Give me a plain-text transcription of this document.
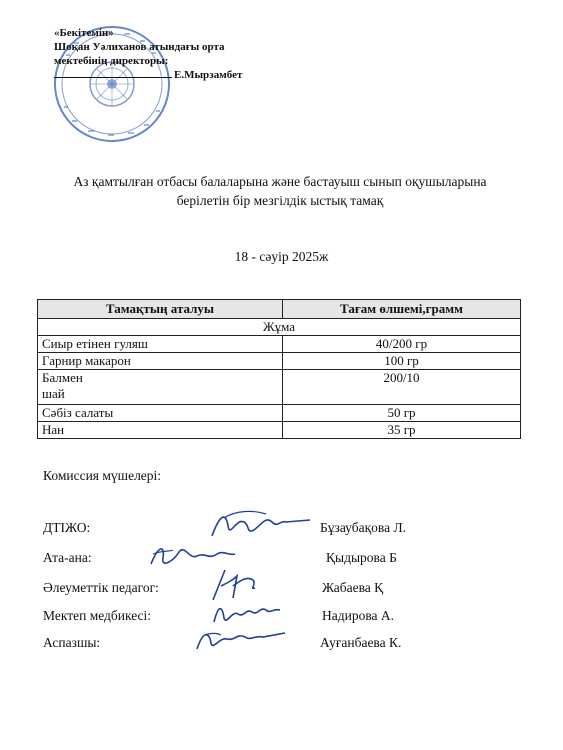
«Бекітемін»
Шоқан Уәлиханов атындағы орта
мектебінің директоры:
Е.Мырзамбет
Аз қамтылған отбасы балаларына және бастауыш сынып оқушыларына
берілетін бір мезгілдік ыстық тамақ
18 - сәуір 2025ж
Тамақтың аталуы	Тағам өлшемі,грамм
Жұма	
Сиыр етінен гуляш	40/200 гр
Гарнир макарон	100 гр

Балмен
шай	200/10
Сәбіз салаты	50 гр
Нан	35 гр
Комиссия мүшелері:
ДТІЖО:	Бұзаубақова Л.
Ата-ана:	Қыдырова Б
Әлеуметтік педагог:	Жабаева Қ
Мектеп медбикесі:	Надирова А.
Аспазшы:	Ауғанбаева К.
